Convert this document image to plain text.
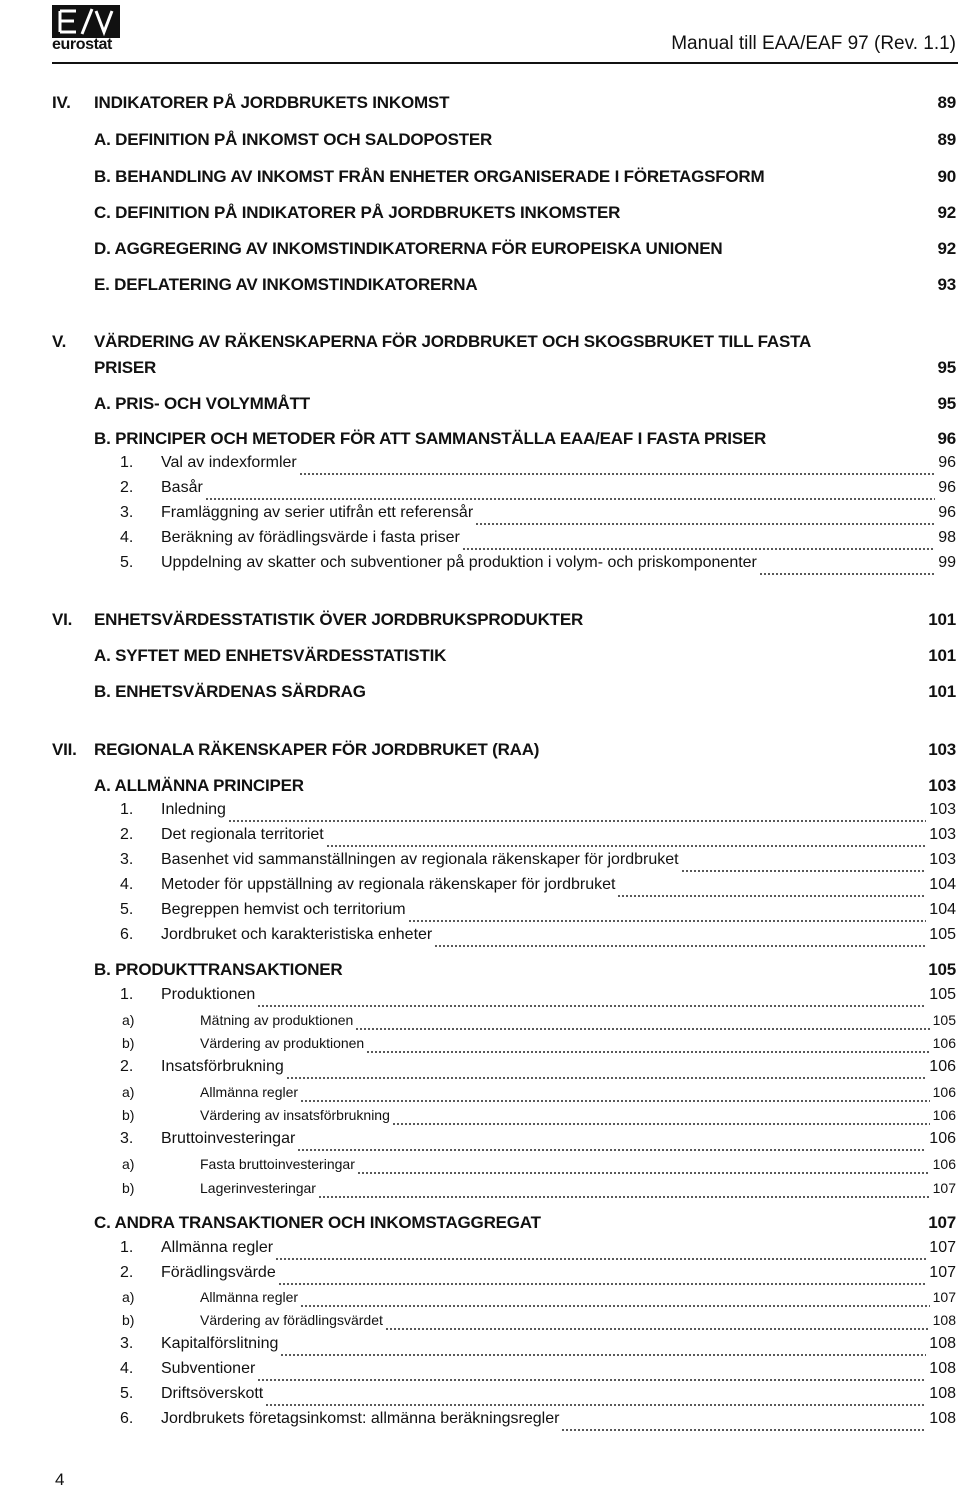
eurostat	Manual till EAA/EAF 97 (Rev. 1.1)
IV. INDIKATORER PÅ JORDBRUKETS INKOMST	89
A. DEFINITION PÅ INKOMST OCH SALDOPOSTER	89
B. BEHANDLING AV INKOMST FRÅN ENHETER ORGANISERADE I FÖRETAGSFORM	90
C. DEFINITION PÅ INDIKATORER PÅ JORDBRUKETS INKOMSTER	92
D. AGGREGERING AV INKOMSTINDIKATORERNA FÖR EUROPEISKA UNIONEN	92
E. DEFLATERING AV INKOMSTINDIKATORERNA	93
V. VÄRDERING AV RÄKENSKAPERNA FÖR JORDBRUKET OCH SKOGSBRUKET TILL FASTA
PRISER	95
A. PRIS- OCH VOLYMMÅTT	95
B. PRINCIPER OCH METODER FÖR ATT SAMMANSTÄLLA EAA/EAF I FASTA PRISER	96
1. Val av indexformler	96
2. Basår	96
3. Framläggning av serier utifrån ett referensår	96
4. Beräkning av förädlingsvärde i fasta priser	98
5. Uppdelning av skatter och subventioner på produktion i volym- och priskomponenter	99
VI. ENHETSVÄRDESSTATISTIK ÖVER JORDBRUKSPRODUKTER	101
A. SYFTET MED ENHETSVÄRDESSTATISTIK	101
B. ENHETSVÄRDENAS SÄRDRAG	101
VII. REGIONALA RÄKENSKAPER FÖR JORDBRUKET (RAA)	103
A. ALLMÄNNA PRINCIPER	103
1. Inledning	103
2. Det regionala territoriet	103
3. Basenhet vid sammanställningen av regionala räkenskaper för jordbruket	103
4. Metoder för uppställning av regionala räkenskaper för jordbruket	104
5. Begreppen hemvist och territorium	104
6. Jordbruket och karakteristiska enheter	105
B. PRODUKTTRANSAKTIONER	105
1. Produktionen	105
a)	Mätning av produktionen	105
b)	Värdering av produktionen	106
2. Insatsförbrukning	106
a)	Allmänna regler	106
b)	Värdering av insatsförbrukning	106
3. Bruttoinvesteringar	106
a)	Fasta bruttoinvesteringar	106
b)	Lagerinvesteringar	107
C. ANDRA TRANSAKTIONER OCH INKOMSTAGGREGAT	107
1. Allmänna regler	107
2. Förädlingsvärde	107
a)	Allmänna regler	107
b)	Värdering av förädlingsvärdet	108
3. Kapitalförslitning	108
4. Subventioner	108
5. Driftsöverskott	108
6. Jordbrukets företagsinkomst: allmänna beräkningsregler	108
4
